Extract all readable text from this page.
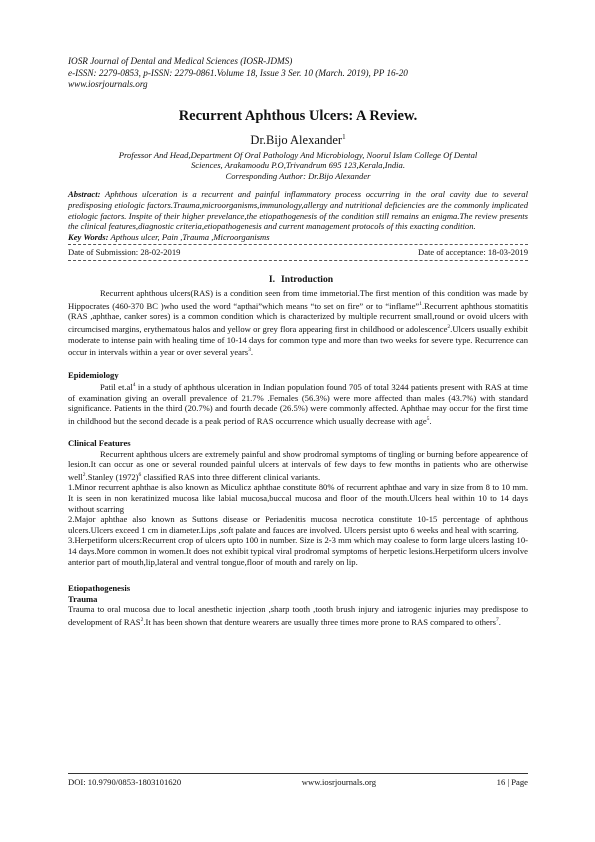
IOSR Journal of Dental and Medical Sciences (IOSR-JDMS)
e-ISSN: 2279-0853, p-ISSN: 2279-0861.Volume 18, Issue 3 Ser. 10 (March. 2019), PP 16-20
www.iosrjournals.org
Recurrent Aphthous Ulcers: A Review.
Dr.Bijo Alexander$^1$
Professor And Head,Department Of Oral Pathology And Microbiology, Noorul Islam College Of Dental
Sciences, Arakamoodu P.O,Trivandrum 695 123,Kerala,India.
Corresponding Author: Dr.Bijo Alexander
Abstract: Aphthous ulceration is a recurrent and painful inflammatory process occurring in the oral cavity due to several predisposing etiologic factors.Trauma,microorganisms,immunology,allergy and nutritional deficiencies are the commonly implicated etiologic factors. Inspite of their higher prevelance,the etiopathogenesis of the condition still remains an enigma.The review presents the clinical features,diagnostic criteria,etiopathogenesis and current management protocols of this exacting condition.
Key Words: Apthous ulcer, Pain ,Trauma ,Microorganisms
Date of Submission: 28-02-2019	Date of acceptance: 18-03-2019
I. Introduction

Recurrent aphthous ulcers(RAS) is a condition seen from time immetorial.The first mention of this condition was made by Hippocrates (460-370 BC )who used the word “apthai”which means “to set on fire” or to “inflame”$^1$.Recurrent aphthous stomatitis (RAS ,aphthae, canker sores) is a common condition which is characterized by multiple recurrent small,round or ovoid ulcers with circumcised margins, erythematous halos and yellow or grey flora appearing first in childhood or adolescence$^2$.Ulcers usually exhibit moderate to intense pain with healing time of 10-14 days for common type and more than two weeks for severe type. Recurrence can occur in intervals within a year or over several years$^3$.

Epidemiology

Patil $et.al^4$ in a study of aphthous ulceration in Indian population found 705 of total 3244 patients present with RAS at time of examination giving an overall prevalence of 21.7% .Females (56.3%) were more affected than males (43.7%) with standard significance. Patients in the third (20.7%) and fourth decade (26.5%) were commonly affected. Aphthae may occur for the first time in childhood but the second decade is a peak period of RAS occurrence which usually decrease with age$^5$.

Clinical Features

Recurrent aphthous ulcers are extremely painful and show prodromal symptoms of tingling or burning before appearence of lesion.It can occur as one or several rounded painful ulcers at intervals of few days to few months in patients who are otherwise well$^2$.Stanley $(1972)^6$ classified RAS into three different clinical variants.

1.Minor recurrent aphthae is also known as Miculicz aphthae constitute 80% of recurrent aphthae and vary in size from 8 to 10 mm. It is seen in non keratinized mucosa like labial mucosa,buccal mucosa and floor of the mouth.Ulcers heal within 10 to 14 days without scarring

2.Major aphthae also known as Suttons disease or Periadenitis mucosa necrotica constitute 10-15 percentage of aphthous ulcers.Ulcers exceed 1 cm in diameter.Lips ,soft palate and fauces are involved. Ulcers persist upto 6 weeks and heal with scarring.

3.Herpetiform ulcers:Recurrent crop of ulcers upto 100 in number. Size is 2-3 mm which may coalese to form large ulcers lasting 10-14 days.More common in women.It does not exhibit typical viral prodromal symptoms of herpetic lesions.Herpetiform ulcers involve anterior part of mouth,lip,lateral and ventral tongue,floor of mouth and rarely on lip.

Etiopathogenesis
Trauma

Trauma to oral mucosa due to local anesthetic injection ,sharp tooth ,tooth brush injury and iatrogenic injuries may predispose to development of RAS$^2$.It has been shown that denture wearers are usually three times more prone to RAS compared to others$^7$.

DOI: 10.9790/0853-1803101620	www.iosrjournals.org	16 | Page
